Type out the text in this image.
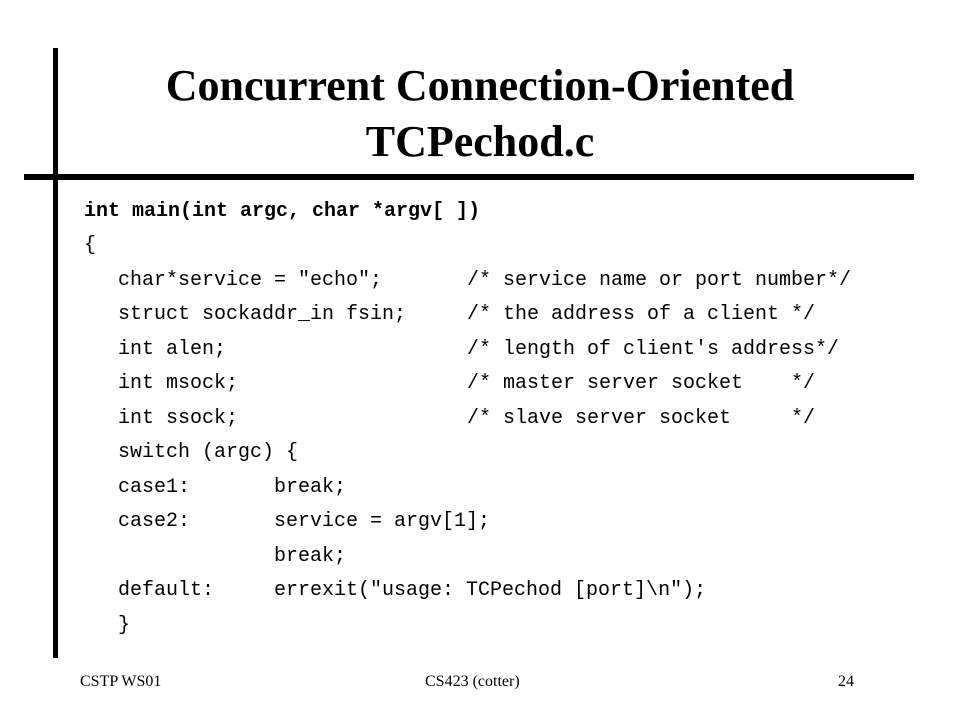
Concurrent Connection-Oriented
TCPechod.c
int main(int argc, char *argv[ ])
{
char*service = "echo";	/* service name or port number*/
struct sockaddr_in fsin;	/* the address of a client */
int alen;	/* length of client's address*/
int msock;	/* master server socket    */
int ssock;	/* slave server socket     */
switch (argc) {
case1:	break;
case2:	service = argv[1];
break;
default:	errexit("usage: TCPechod [port]\n");
}
CSTP WS01	CS423 (cotter)	24
